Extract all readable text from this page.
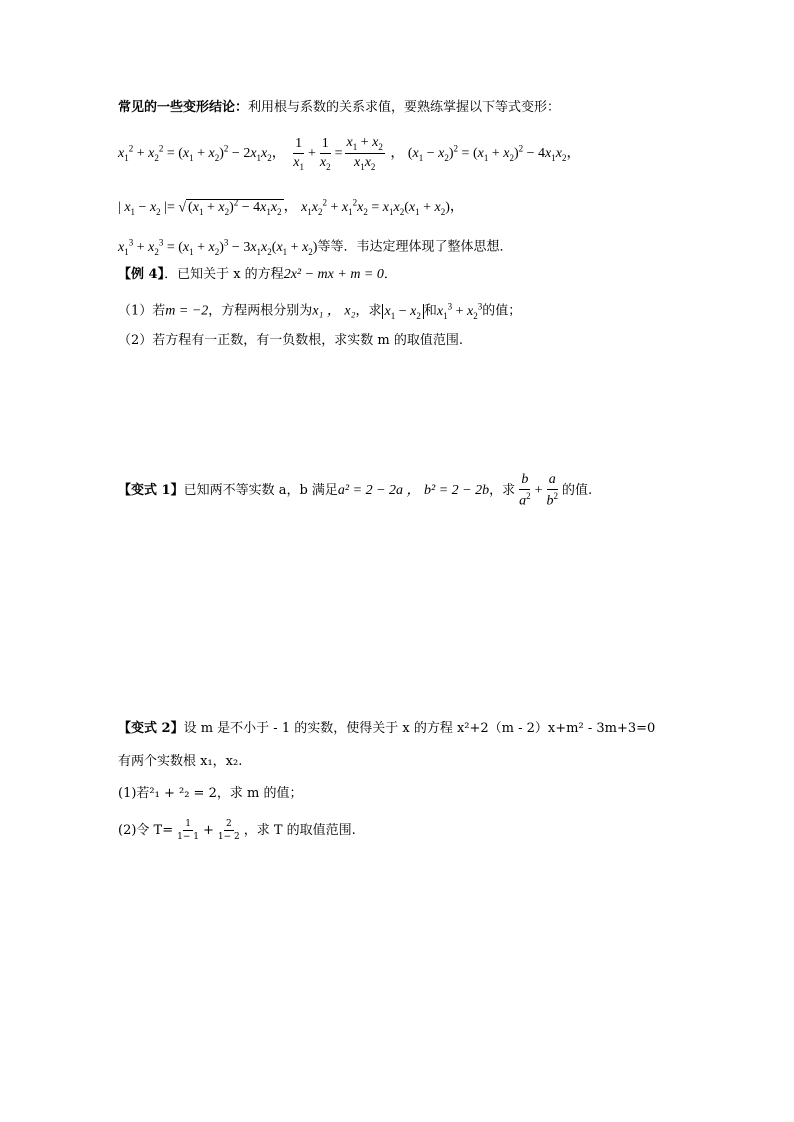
常见的一些变形结论：利用根与系数的关系求值，要熟练掌握以下等式变形：
$x_1^2 + x_2^2 = (x_1 + x_2)^2 - 2x_1x_2$， $\frac{1}{x_1} + \frac{1}{x_2} = \frac{x_1 + x_2}{x_1x_2}$ ， $(x_1 - x_2)^2 = (x_1 + x_2)^2 - 4x_1x_2$，
| $x_1 - x_2$ |= √ $(x_1 + x_2)^2 - 4x_1x_2$ ， $x_1x_2^2 + x_1^2x_2 = x_1x_2(x_1 + x_2)$，
$x_1^3 + x_2^3 = (x_1 + x_2)^3 - 3x_1x_2(x_1 + x_2)$等等．韦达定理体现了整体思想．
【例 4】．已知关于 x 的方程2x² − mx + m = 0．
（1）若m = −2，方程两根分别为x₁ ， x₂，求 $x_1 - x_2$ 和$x_1^3 + x_2^3$的值；
（2）若方程有一正数，有一负数根，求实数 m 的取值范围.
【变式 1】已知两不等实数 a，b 满足a² = 2 − 2a ， b² = 2 − 2b，求 $\frac{b}{a^2} + \frac{a}{b^2}$ 的值.
【变式 2】设 m 是不小于 - 1 的实数，使得关于 x 的方程 x²+2（m - 2）x+m² - 3m+3=0
有两个实数根 x₁，x₂.
(1)若²₁ + ²₂ = 2，求 m 的值；
(2)令 $T= \frac{1}{1- 1} + \frac{2}{1- 2}$ ，求 T 的取值范围.
